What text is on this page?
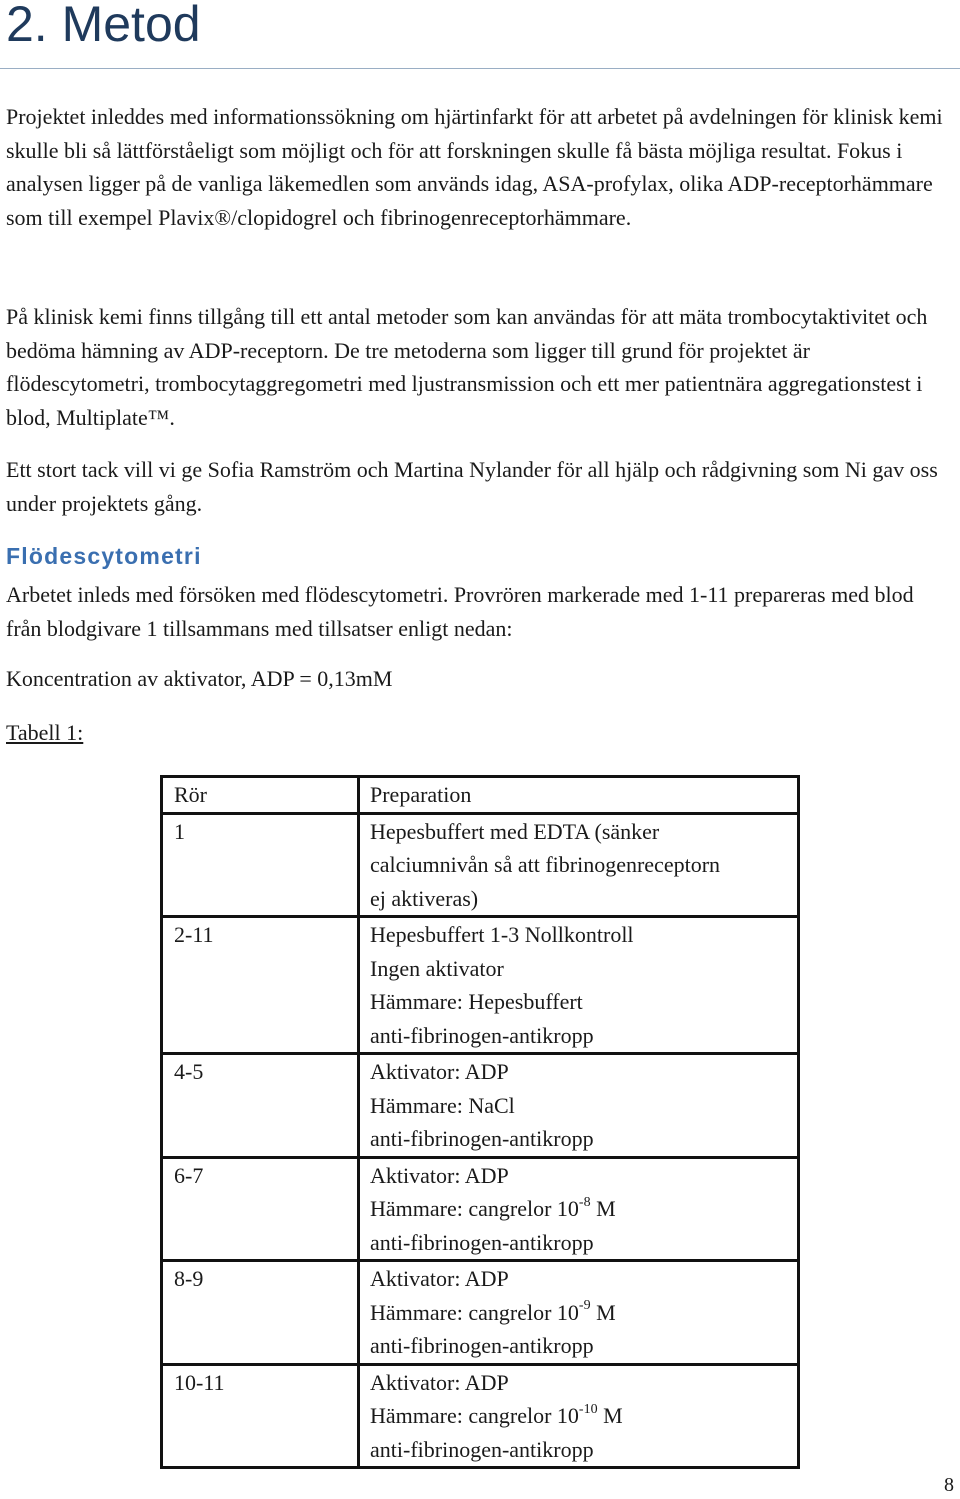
2. Metod

Projektet inleddes med informationssökning om hjärtinfarkt för att arbetet på avdelningen för klinisk kemi skulle bli så lättförståeligt som möjligt och för att forskningen skulle få bästa möjliga resultat. Fokus i analysen ligger på de vanliga läkemedlen som används idag, ASA-profylax, olika ADP-receptorhämmare som till exempel Plavix®/clopidogrel och fibrinogenreceptorhämmare.

På klinisk kemi finns tillgång till ett antal metoder som kan användas för att mäta trombocytaktivitet och bedöma hämning av ADP-receptorn. De tre metoderna som ligger till grund för projektet är flödescytometri, trombocytaggregometri med ljustransmission och ett mer patientnära aggregationstest i blod, Multiplate™.

Ett stort tack vill vi ge Sofia Ramström och Martina Nylander för all hjälp och rådgivning som Ni gav oss under projektets gång.

Flödescytometri

Arbetet inleds med försöken med flödescytometri. Provrören markerade med 1-11 prepareras med blod från blodgivare 1 tillsammans med tillsatser enligt nedan:

Koncentration av aktivator, ADP = 0,13mM

Tabell 1:

Rör	Preparation
1	Hepesbuffert med EDTA (sänker
calciumnivån så att fibrinogenreceptorn
ej aktiveras)

2-11	Hepesbuffert 1-3 Nollkontroll
Ingen aktivator
Hämmare: Hepesbuffert
anti-fibrinogen-antikropp

4-5	Aktivator: ADP
Hämmare: NaCl
anti-fibrinogen-antikropp

6-7	Aktivator: ADP
Hämmare: cangrelor $10^{-8}$ M
anti-fibrinogen-antikropp

8-9	Aktivator: ADP
Hämmare: cangrelor $10^{-9}$ M
anti-fibrinogen-antikropp

10-11	Aktivator: ADP
Hämmare: cangrelor $10^{-10}$ M
anti-fibrinogen-antikropp

8
